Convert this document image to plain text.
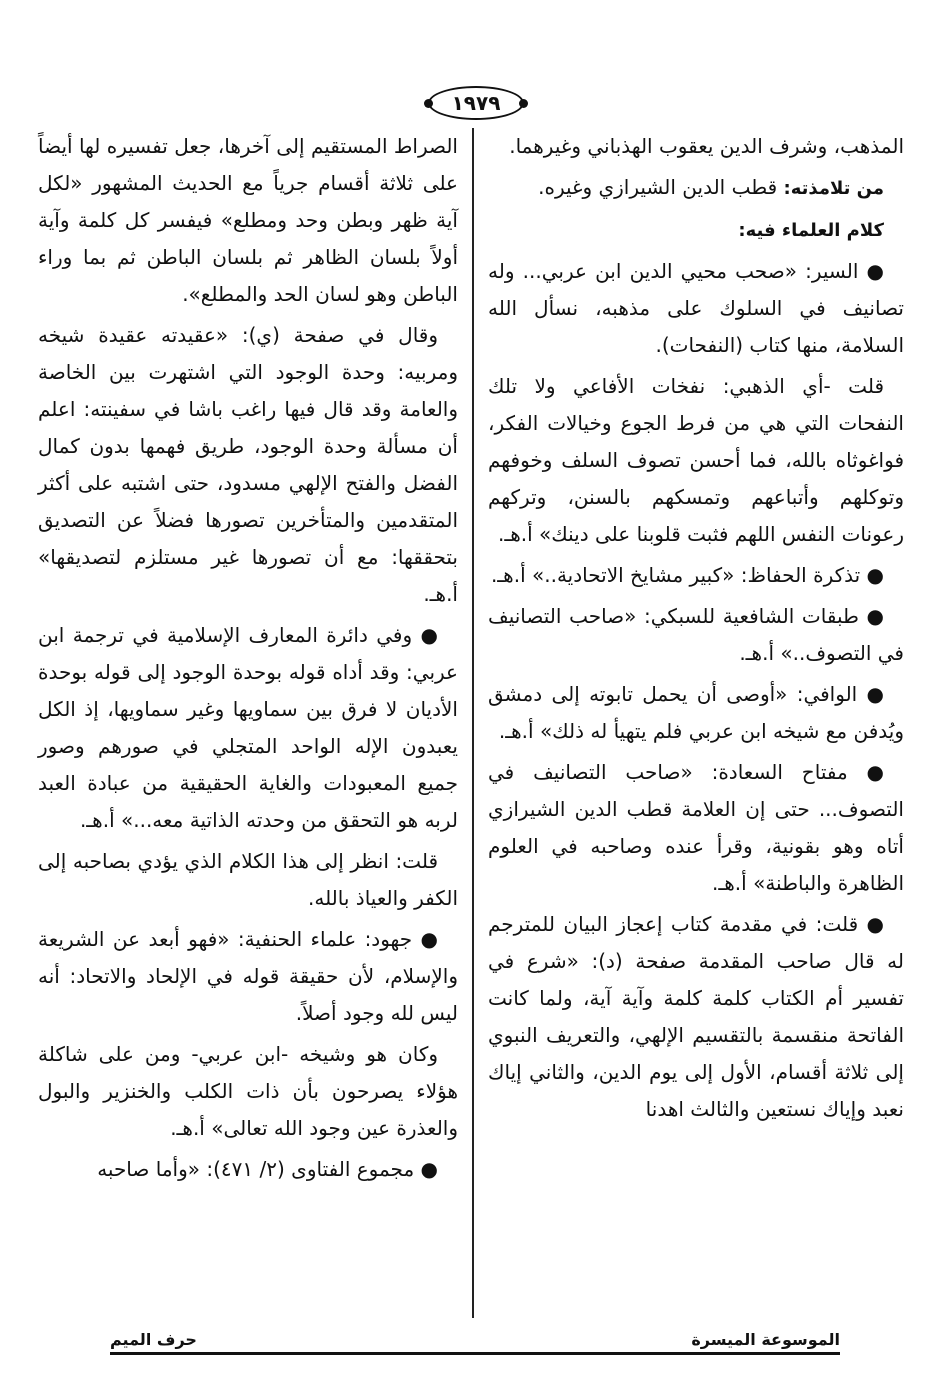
١٩٧٩

المذهب، وشرف الدين يعقوب الهذباني وغيرهما.

من تلامذته: قطب الدين الشيرازي وغيره.

كلام العلماء فيه:

● السير: «صحب محيي الدين ابن عربي... وله تصانيف في السلوك على مذهبه، نسأل الله السلامة، منها كتاب (النفحات).

قلت -أي الذهبي: نفخات الأفاعي ولا تلك النفحات التي هي من فرط الجوع وخيالات الفكر، فواغوثاه بالله، فما أحسن تصوف السلف وخوفهم وتوكلهم وأتباعهم وتمسكهم بالسنن، وتركهم رعونات النفس اللهم فثبت قلوبنا على دينك» أ.هـ.

● تذكرة الحفاظ: «كبير مشايخ الاتحادية..» أ.هـ.

● طبقات الشافعية للسبكي: «صاحب التصانيف في التصوف..» أ.هـ.

● الوافي: «أوصى أن يحمل تابوته إلى دمشق ويُدفن مع شيخه ابن عربي فلم يتهيأ له ذلك» أ.هـ.

● مفتاح السعادة: «صاحب التصانيف في التصوف... حتى إن العلامة قطب الدين الشيرازي أتاه وهو بقونية، وقرأ عنده وصاحبه في العلوم الظاهرة والباطنة» أ.هـ.

● قلت: في مقدمة كتاب إعجاز البيان للمترجم له قال صاحب المقدمة صفحة (د): «شرع في تفسير أم الكتاب كلمة كلمة وآية آية، ولما كانت الفاتحة منقسمة بالتقسيم الإلهي، والتعريف النبوي إلى ثلاثة أقسام، الأول إلى يوم الدين، والثاني إياك نعبد وإياك نستعين والثالث اهدنا

الصراط المستقيم إلى آخرها، جعل تفسيره لها أيضاً على ثلاثة أقسام جرياً مع الحديث المشهور «لكل آية ظهر وبطن وحد ومطلع» فيفسر كل كلمة وآية أولاً بلسان الظاهر ثم بلسان الباطن ثم بما وراء الباطن وهو لسان الحد والمطلع».

وقال في صفحة (ي): «عقيدته عقيدة شيخه ومربيه: وحدة الوجود التي اشتهرت بين الخاصة والعامة وقد قال فيها راغب باشا في سفينته: اعلم أن مسألة وحدة الوجود، طريق فهمها بدون كمال الفضل والفتح الإلهي مسدود، حتى اشتبه على أكثر المتقدمين والمتأخرين تصورها فضلاً عن التصديق بتحققها: مع أن تصورها غير مستلزم لتصديقها» أ.هـ.

● وفي دائرة المعارف الإسلامية في ترجمة ابن عربي: وقد أداه قوله بوحدة الوجود إلى قوله بوحدة الأديان لا فرق بين سماويها وغير سماويها، إذ الكل يعبدون الإله الواحد المتجلي في صورهم وصور جميع المعبودات والغاية الحقيقية من عبادة العبد لربه هو التحقق من وحدته الذاتية معه...» أ.هـ.

قلت: انظر إلى هذا الكلام الذي يؤدي بصاحبه إلى الكفر والعياذ بالله.

● جهود: علماء الحنفية: «فهو أبعد عن الشريعة والإسلام، لأن حقيقة قوله في الإلحاد والاتحاد: أنه ليس لله وجود أصلاً.

وكان هو وشيخه -ابن عربي- ومن على شاكلة هؤلاء يصرحون بأن ذات الكلب والخنزير والبول والعذرة عين وجود الله تعالى» أ.هـ.

● مجموع الفتاوى (٢/ ٤٧١): «وأما صاحبه

الموسوعة الميسرة
حرف الميم
